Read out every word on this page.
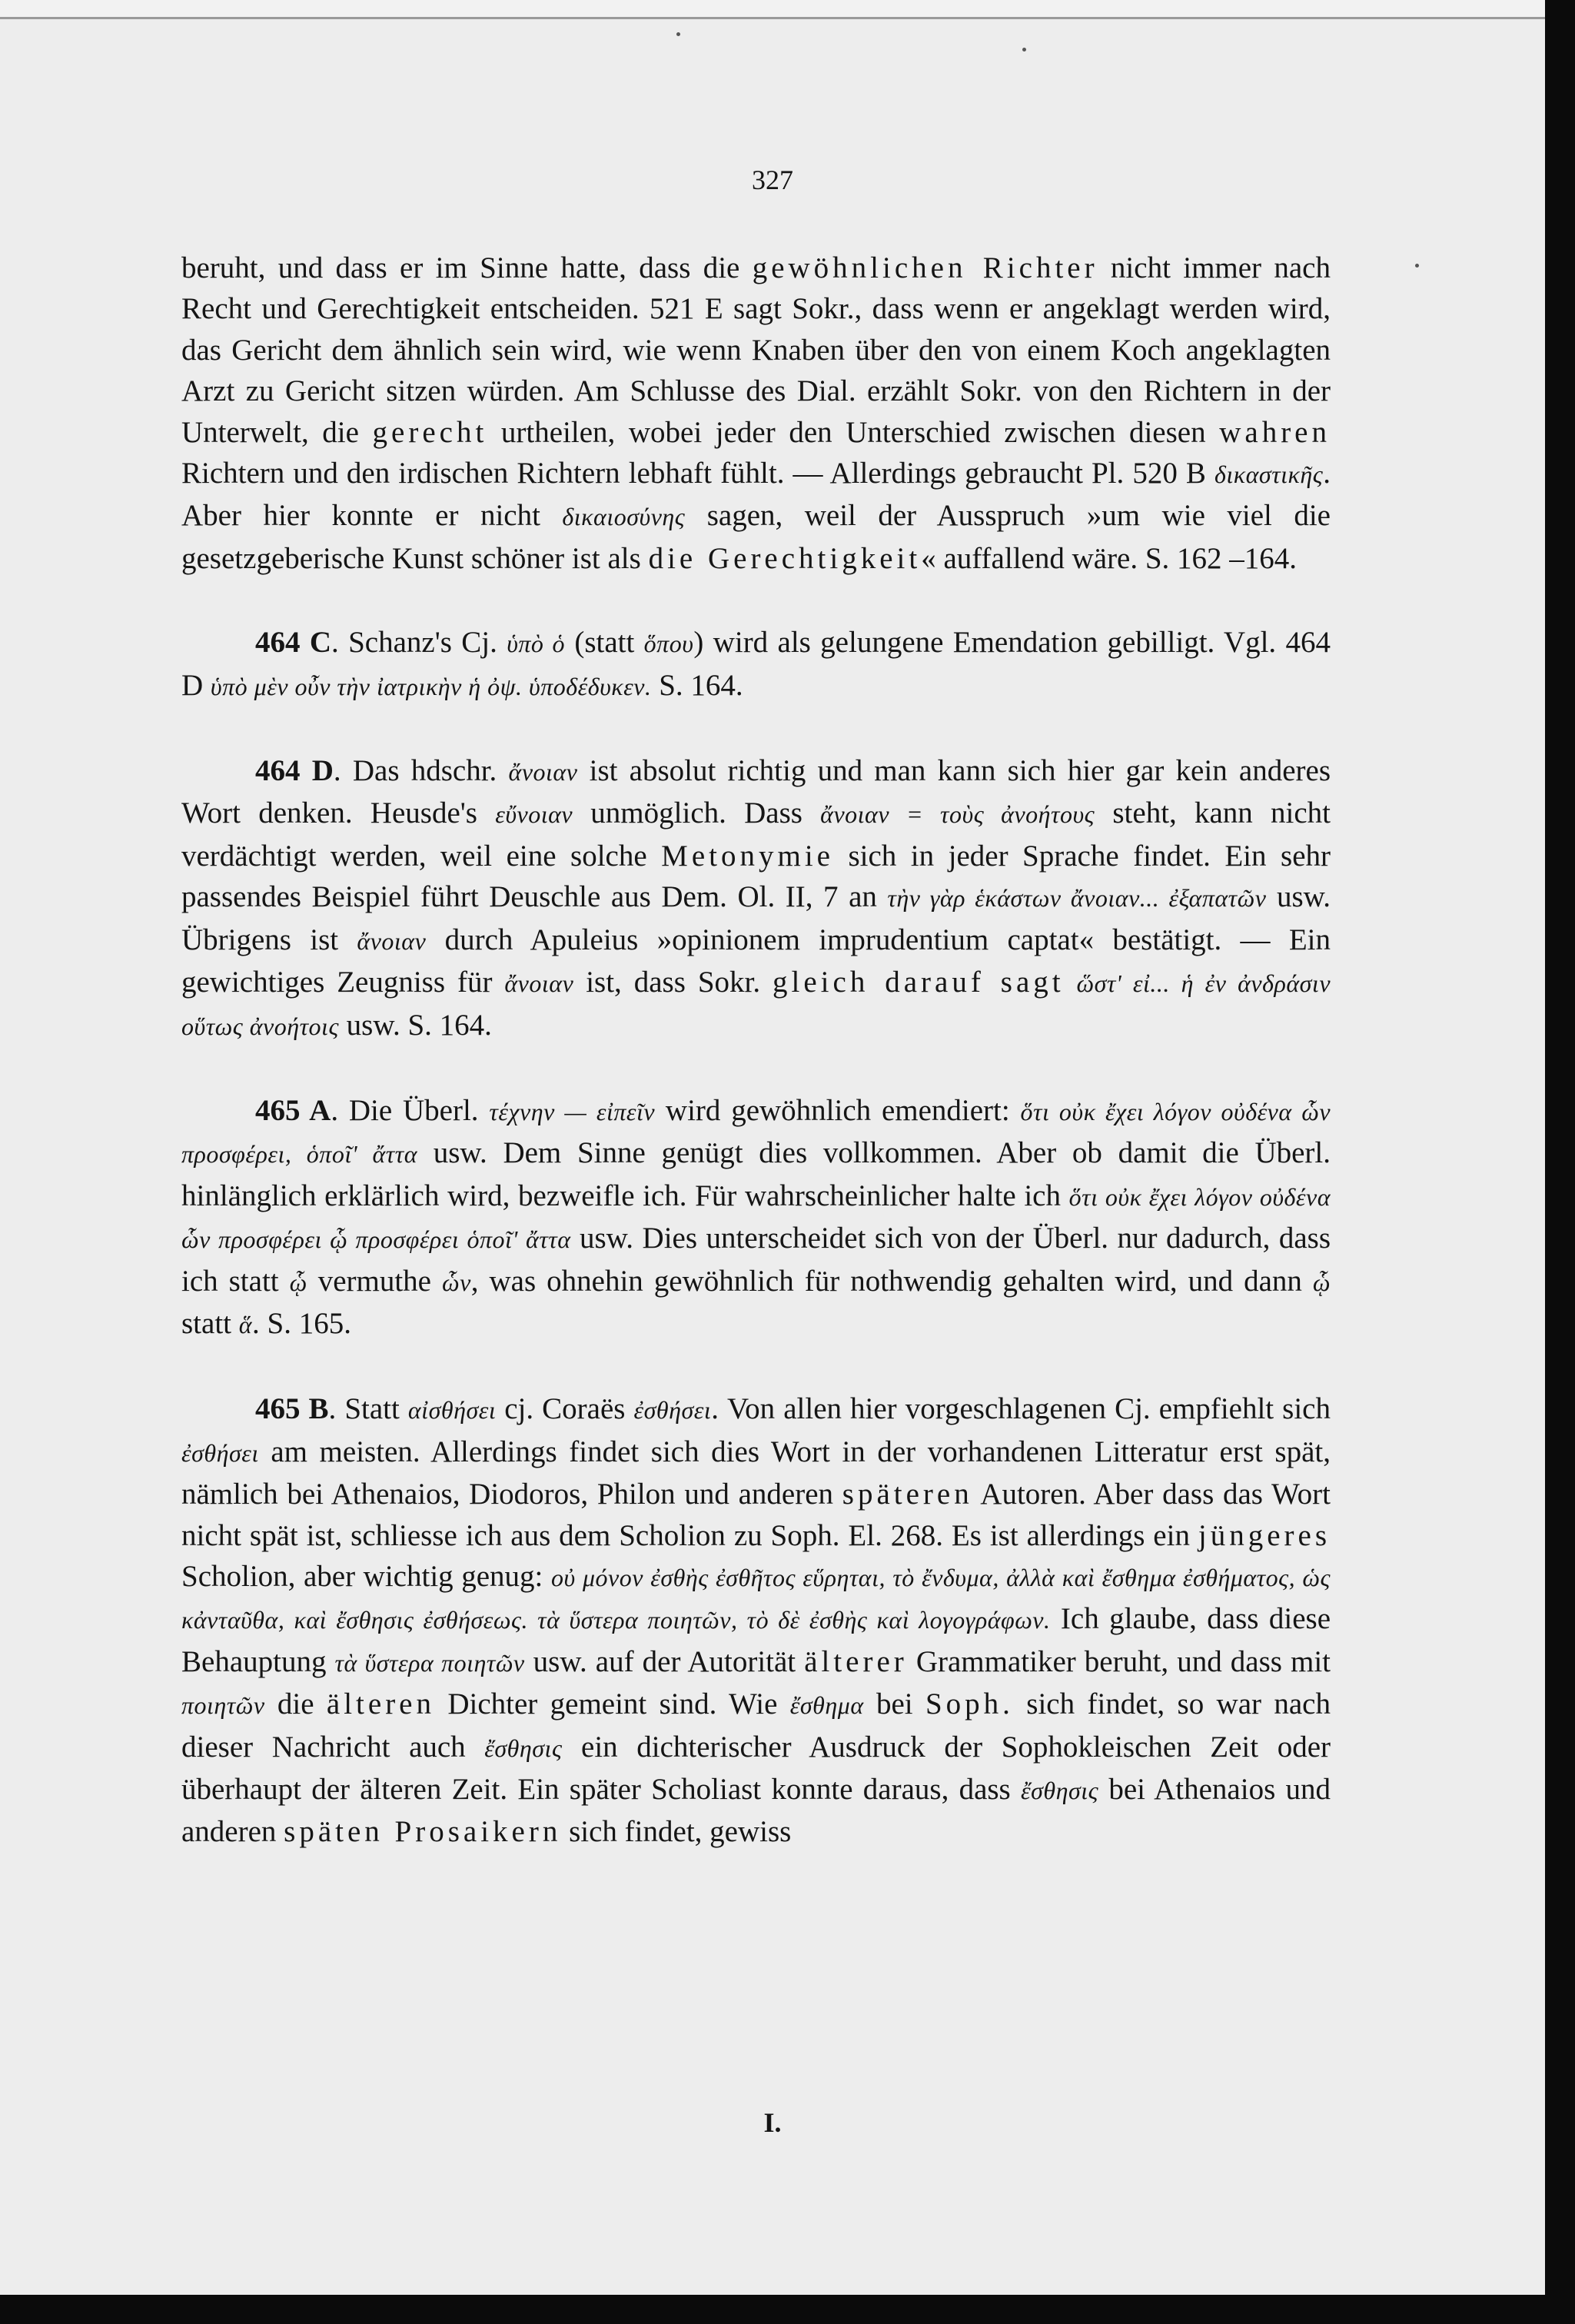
327

beruht, und dass er im Sinne hatte, dass die gewöhnlichen Richter nicht immer nach Recht und Gerechtigkeit entscheiden. 521 E sagt Sokr., dass wenn er angeklagt werden wird, das Gericht dem ähnlich sein wird, wie wenn Knaben über den von einem Koch angeklagten Arzt zu Gericht sitzen würden. Am Schlusse des Dial. erzählt Sokr. von den Richtern in der Unterwelt, die gerecht urtheilen, wobei jeder den Unterschied zwischen diesen wahren Richtern und den irdischen Richtern lebhaft fühlt. — Allerdings gebraucht Pl. 520 B δικαστικῆς. Aber hier konnte er nicht δικαιοσύνης sagen, weil der Ausspruch »um wie viel die gesetzgeberische Kunst schöner ist als die Gerechtigkeit« auffallend wäre. S. 162 –164.

464 C. Schanz's Cj. ὑπὸ ὁ (statt ὅπου) wird als gelungene Emendation gebilligt. Vgl. 464 D ὑπὸ μὲν οὖν τὴν ἰατρικὴν ἡ ὀψ. ὑποδέδυκεν. S. 164.

464 D. Das hdschr. ἄνοιαν ist absolut richtig und man kann sich hier gar kein anderes Wort denken. Heusde's εὔνοιαν unmöglich. Dass ἄνοιαν = τοὺς ἀνοήτους steht, kann nicht verdächtigt werden, weil eine solche Metonymie sich in jeder Sprache findet. Ein sehr passendes Beispiel führt Deuschle aus Dem. Ol. II, 7 an τὴν γὰρ ἑκάστων ἄνοιαν... ἐξαπατῶν usw. Übrigens ist ἄνοιαν durch Apuleius »opinionem imprudentium captat« bestätigt. — Ein gewichtiges Zeugniss für ἄνοιαν ist, dass Sokr. gleich darauf sagt ὥστ' εἰ... ἡ ἐν ἀνδράσιν οὕτως ἀνοήτοις usw. S. 164.

465 A. Die Überl. τέχνην — εἰπεῖν wird gewöhnlich emendiert: ὅτι οὐκ ἔχει λόγον οὐδένα ὧν προσφέρει, ὁποῖ' ἄττα usw. Dem Sinne genügt dies vollkommen. Aber ob damit die Überl. hinlänglich erklärlich wird, bezweifle ich. Für wahrscheinlicher halte ich ὅτι οὐκ ἔχει λόγον οὐδένα ὧν προσφέρει ᾧ προσφέρει ὁποῖ' ἄττα usw. Dies unterscheidet sich von der Überl. nur dadurch, dass ich statt ᾧ vermuthe ὧν, was ohnehin gewöhnlich für nothwendig gehalten wird, und dann ᾧ statt ἅ. S. 165.

465 B. Statt αἰσθήσει cj. Coraës ἐσθήσει. Von allen hier vorgeschlagenen Cj. empfiehlt sich ἐσθήσει am meisten. Allerdings findet sich dies Wort in der vorhandenen Litteratur erst spät, nämlich bei Athenaios, Diodoros, Philon und anderen späteren Autoren. Aber dass das Wort nicht spät ist, schliesse ich aus dem Scholion zu Soph. El. 268. Es ist allerdings ein jüngeres Scholion, aber wichtig genug: οὐ μόνον ἐσθὴς ἐσθῆτος εὕρηται, τὸ ἔνδυμα, ἀλλὰ καὶ ἔσθημα ἐσθήματος, ὡς κἀνταῦθα, καὶ ἔσθησις ἐσθήσεως. τὰ ὕστερα ποιητῶν, τὸ δὲ ἐσθὴς καὶ λογογράφων. Ich glaube, dass diese Behauptung τὰ ὕστερα ποιητῶν usw. auf der Autorität älterer Grammatiker beruht, und dass mit ποιητῶν die älteren Dichter gemeint sind. Wie ἔσθημα bei Soph. sich findet, so war nach dieser Nachricht auch ἔσθησις ein dichterischer Ausdruck der Sophokleischen Zeit oder überhaupt der älteren Zeit. Ein später Scholiast konnte daraus, dass ἔσθησις bei Athenaios und anderen späten Prosaikern sich findet, gewiss

I.
